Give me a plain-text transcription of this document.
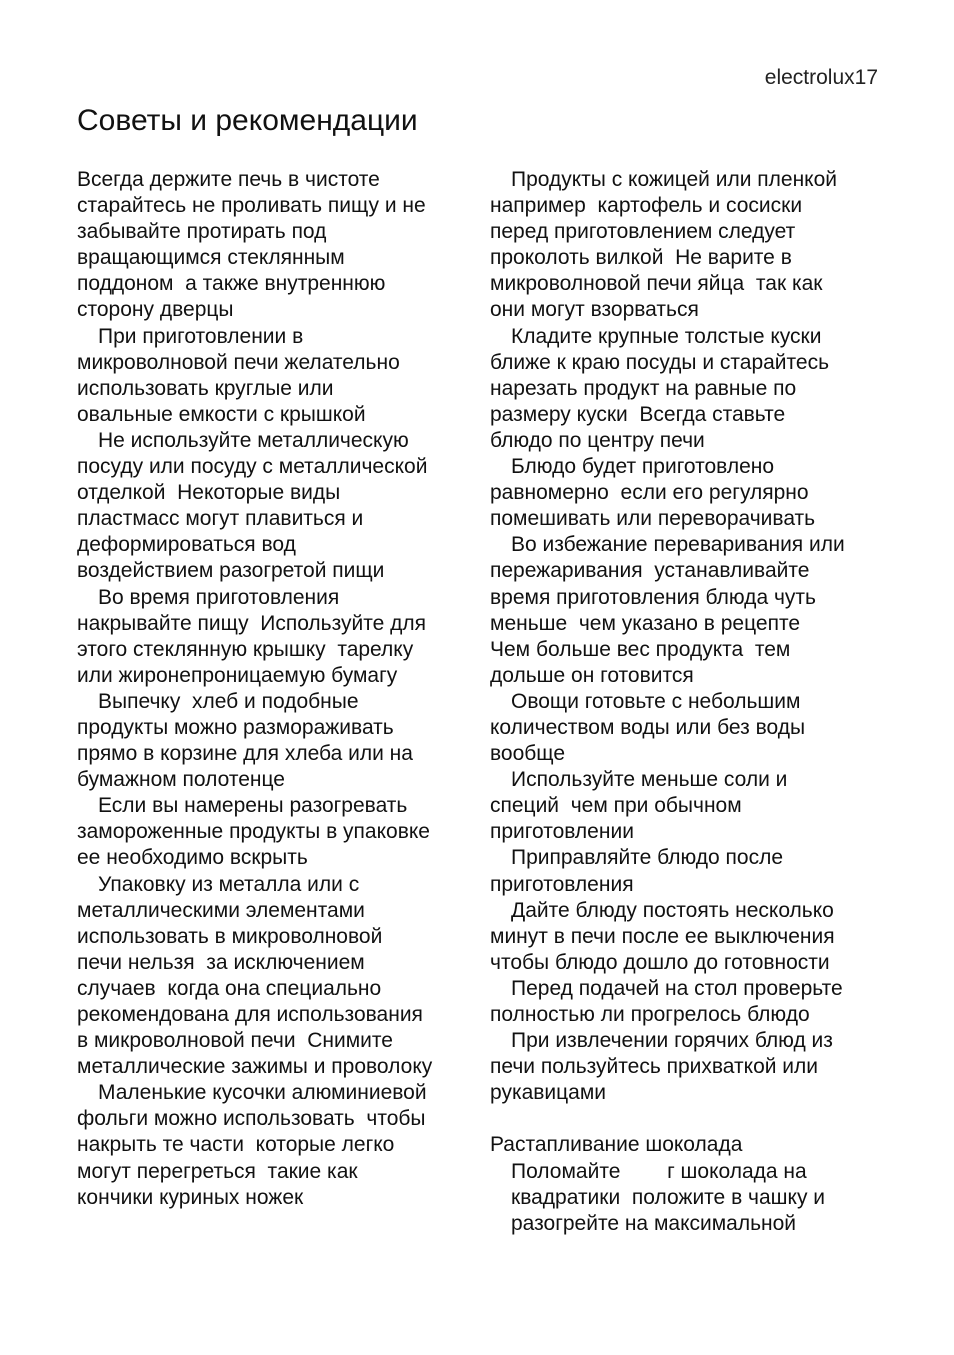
electrolux17
Советы и рекомендации
Всегда держите печь в чистоте
старайтесь не проливать пищу и не
забывайте протирать под
вращающимся стеклянным
поддоном  а также внутреннюю
сторону дверцы
При приготовлении в
микроволновой печи желательно
использовать круглые или
овальные емкости с крышкой
Не используйте металлическую
посуду или посуду с металлической
отделкой  Некоторые виды
пластмасс могут плавиться и
деформироваться вод
воздействием разогретой пищи
Во время приготовления
накрывайте пищу  Используйте для
этого стеклянную крышку  тарелку
или жиронепроницаемую бумагу
Выпечку  хлеб и подобные
продукты можно размораживать
прямо в корзине для хлеба или на
бумажном полотенце
Если вы намерены разогревать
замороженные продукты в упаковке
ее необходимо вскрыть
Упаковку из металла или с
металлическими элементами
использовать в микроволновой
печи нельзя  за исключением
случаев  когда она специально
рекомендована для использования
в микроволновой печи  Снимите
металлические зажимы и проволоку
Маленькие кусочки алюминиевой
фольги можно использовать  чтобы
накрыть те части  которые легко
могут перегреться  такие как
кончики куриных ножек
Продукты с кожицей или пленкой
например  картофель и сосиски
перед приготовлением следует
проколоть вилкой  Не варите в
микроволновой печи яйца  так как
они могут взорваться
Кладите крупные толстые куски
ближе к краю посуды и старайтесь
нарезать продукт на равные по
размеру куски  Всегда ставьте
блюдо по центру печи
Блюдо будет приготовлено
равномерно  если его регулярно
помешивать или переворачивать
Во избежание переваривания или
пережаривания  устанавливайте
время приготовления блюда чуть
меньше  чем указано в рецепте
Чем больше вес продукта  тем
дольше он готовится
Овощи готовьте с небольшим
количеством воды или без воды
вообще
Используйте меньше соли и
специй  чем при обычном
приготовлении
Приправляйте блюдо после
приготовления
Дайте блюду постоять несколько
минут в печи после ее выключения
чтобы блюдо дошло до готовности
Перед подачей на стол проверьте
полностью ли прогрелось блюдо
При извлечении горячих блюд из
печи пользуйтесь прихваткой или
рукавицами
Растапливание шоколада
Поломайте        г шоколада на
квадратики  положите в чашку и
разогрейте на максимальной
